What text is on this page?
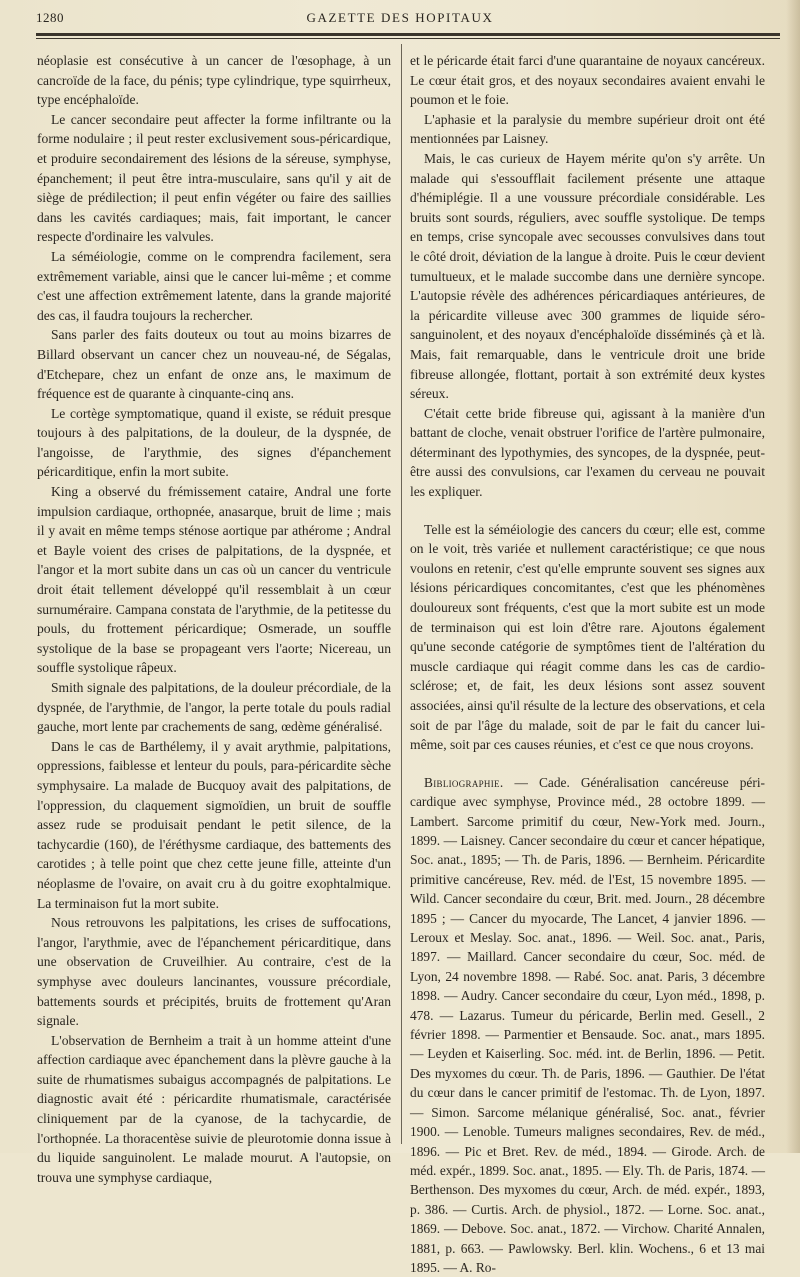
1280	GAZETTE DES HOPITAUX

néoplasie est consécutive à un cancer de l'œsophage, à un cancroïde de la face, du pénis; type cylindrique, type squirrheux, type encéphaloïde.

Le cancer secondaire peut affecter la forme infiltrante ou la forme nodulaire ; il peut rester exclusivement sous-péricardique, et produire secondairement des lésions de la séreuse, symphyse, épanchement; il peut être intra-musculaire, sans qu'il y ait de siège de prédilection; il peut enfin végéter ou faire des saillies dans les cavités cardiaques; mais, fait important, le cancer respecte d'ordinaire les valvules.

La séméiologie, comme on le comprendra facilement, sera extrêmement variable, ainsi que le cancer lui-même ; et comme c'est une affection extrêmement latente, dans la grande majorité des cas, il faudra toujours la rechercher.

Sans parler des faits douteux ou tout au moins bizarres de Billard observant un cancer chez un nouveau-né, de Ségalas, d'Etchepare, chez un enfant de onze ans, le maximum de fréquence est de quarante à cinquante-cinq ans.

Le cortège symptomatique, quand il existe, se réduit presque toujours à des palpitations, de la douleur, de la dyspnée, de l'angoisse, de l'arythmie, des signes d'épanchement péricarditique, enfin la mort subite.

King a observé du frémissement cataire, Andral une forte impulsion cardiaque, orthopnée, anasarque, bruit de lime ; mais il y avait en même temps sténose aortique par athérome ; Andral et Bayle voient des crises de palpitations, de la dyspnée, et l'angor et la mort subite dans un cas où un cancer du ventricule droit était tellement développé qu'il ressemblait à un cœur surnuméraire. Campana constata de l'arythmie, de la petitesse du pouls, du frottement péricardique; Osmerade, un souffle systolique de la base se propageant vers l'aorte; Nicereau, un souffle systolique râpeux.

Smith signale des palpitations, de la douleur précordiale, de la dyspnée, de l'arythmie, de l'angor, la perte totale du pouls radial gauche, mort lente par crachements de sang, œdème généralisé.

Dans le cas de Barthélemy, il y avait arythmie, palpitations, oppressions, faiblesse et lenteur du pouls, para-péricardite sèche symphysaire. La malade de Bucquoy avait des palpitations, de l'oppression, du claquement sigmoïdien, un bruit de souffle assez rude se produisait pendant le petit silence, de la tachycardie (160), de l'éréthysme cardiaque, des battements des carotides ; à telle point que chez cette jeune fille, atteinte d'un néoplasme de l'ovaire, on avait cru à du goitre exophtalmique. La terminaison fut la mort subite.

Nous retrouvons les palpitations, les crises de suffocations, l'angor, l'arythmie, avec de l'épanchement péricarditique, dans une observation de Cruveilhier. Au contraire, c'est de la symphyse avec douleurs lancinantes, voussure précordiale, battements sourds et précipités, bruits de frottement qu'Aran signale.

L'observation de Bernheim a trait à un homme atteint d'une affection cardiaque avec épanchement dans la plèvre gauche à la suite de rhumatismes subaigus accompagnés de palpitations. Le diagnostic avait été : péricardite rhumatismale, caractérisée cliniquement par de la cyanose, de la tachycardie, de l'orthopnée. La thoracentèse suivie de pleurotomie donna issue à du liquide sanguinolent. Le malade mourut. A l'autopsie, on trouva une symphyse cardiaque,

et le péricarde était farci d'une quarantaine de noyaux cancéreux. Le cœur était gros, et des noyaux secondaires avaient envahi le poumon et le foie.

L'aphasie et la paralysie du membre supérieur droit ont été mentionnées par Laisney.

Mais, le cas curieux de Hayem mérite qu'on s'y arrête. Un malade qui s'essoufflait facilement présente une attaque d'hémiplégie. Il a une voussure précordiale considérable. Les bruits sont sourds, réguliers, avec souffle systolique. De temps en temps, crise syncopale avec secousses convulsives dans tout le côté droit, déviation de la langue à droite. Puis le cœur devient tumultueux, et le malade succombe dans une dernière syncope. L'autopsie révèle des adhérences péricardiaques antérieures, de la péricardite villeuse avec 300 grammes de liquide séro-sanguinolent, et des noyaux d'encéphaloïde disséminés çà et là. Mais, fait remarquable, dans le ventricule droit une bride fibreuse allongée, flottant, portait à son extrémité deux kystes séreux.

C'était cette bride fibreuse qui, agissant à la manière d'un battant de cloche, venait obstruer l'orifice de l'artère pulmonaire, déterminant des lypothymies, des syncopes, de la dyspnée, peut-être aussi des convulsions, car l'examen du cerveau ne pouvait les expliquer.

Telle est la séméiologie des cancers du cœur; elle est, comme on le voit, très variée et nullement caractéristique; ce que nous voulons en retenir, c'est qu'elle emprunte souvent ses signes aux lésions péricardiques concomitantes, c'est que les phénomènes douloureux sont fréquents, c'est que la mort subite est un mode de terminaison qui est loin d'être rare. Ajoutons également qu'une seconde catégorie de symptômes tient de l'altération du muscle cardiaque qui réagit comme dans les cas de cardio-sclérose; et, de fait, les deux lésions sont assez souvent associées, ainsi qu'il résulte de la lecture des observations, et cela soit de par l'âge du malade, soit de par le fait du cancer lui-même, soit par ces causes réunies, et c'est ce que nous croyons.

Bibliographie. — Cade. Généralisation cancéreuse péri-cardique avec symphyse, Province méd., 28 octobre 1899. — Lambert. Sarcome primitif du cœur, New-York med. Journ., 1899. — Laisney. Cancer secondaire du cœur et cancer hépatique, Soc. anat., 1895; — Th. de Paris, 1896. — Bernheim. Péricardite primitive cancéreuse, Rev. méd. de l'Est, 15 novembre 1895. — Wild. Cancer secondaire du cœur, Brit. med. Journ., 28 décembre 1895 ; — Cancer du myocarde, The Lancet, 4 janvier 1896. — Leroux et Meslay. Soc. anat., 1896. — Weil. Soc. anat., Paris, 1897. — Maillard. Cancer secondaire du cœur, Soc. méd. de Lyon, 24 novembre 1898. — Rabé. Soc. anat. Paris, 3 décembre 1898. — Audry. Cancer secondaire du cœur, Lyon méd., 1898, p. 478. — Lazarus. Tumeur du péricarde, Berlin med. Gesell., 2 février 1898. — Parmentier et Bensaude. Soc. anat., mars 1895. — Leyden et Kaiserling. Soc. méd. int. de Berlin, 1896. — Petit. Des myxomes du cœur. Th. de Paris, 1896. — Gauthier. De l'état du cœur dans le cancer primitif de l'estomac. Th. de Lyon, 1897. — Simon. Sarcome mélanique généralisé, Soc. anat., février 1900. — Lenoble. Tumeurs malignes secondaires, Rev. de méd., 1896. — Pic et Bret. Rev. de méd., 1894. — Girode. Arch. de méd. expér., 1899. Soc. anat., 1895. — Ely. Th. de Paris, 1874. — Berthenson. Des myxomes du cœur, Arch. de méd. expér., 1893, p. 386. — Curtis. Arch. de physiol., 1872. — Lorne. Soc. anat., 1869. — Debove. Soc. anat., 1872. — Virchow. Charité Annalen, 1881, p. 663. — Pawlowsky. Berl. klin. Wochens., 6 et 13 mai 1895. — A. Ro-
